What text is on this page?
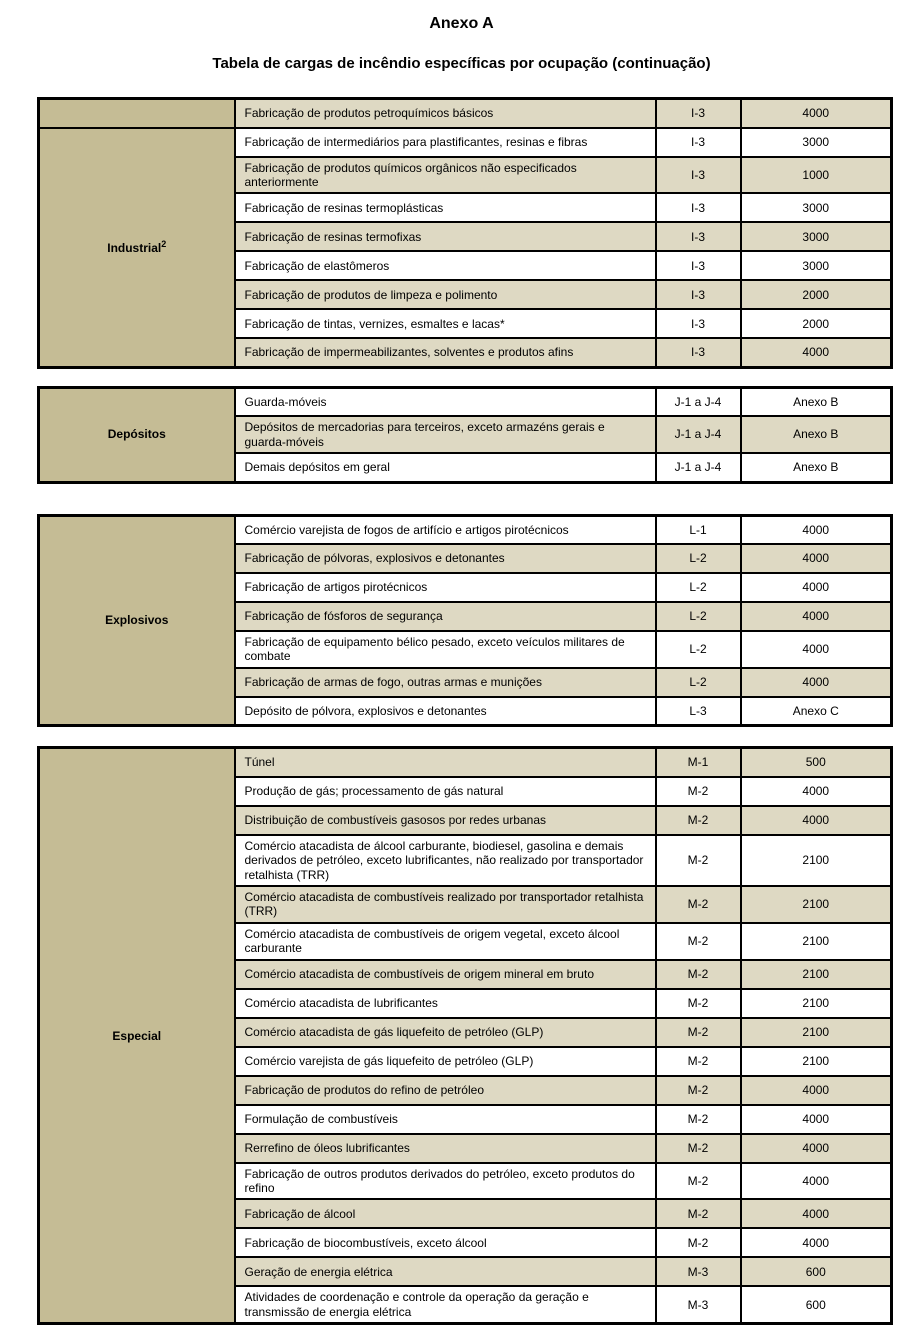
Anexo A
Tabela de cargas de incêndio específicas por ocupação (continuação)
	Fabricação de produtos petroquímicos básicos	I-3	4000
Industrial$^2$	Fabricação de intermediários para plastificantes, resinas e fibras	I-3	3000
	Fabricação de produtos químicos orgânicos não especificados anteriormente	I-3	1000
	Fabricação de resinas termoplásticas	I-3	3000
	Fabricação de resinas termofixas	I-3	3000
	Fabricação de elastômeros	I-3	3000
	Fabricação de produtos de limpeza e polimento	I-3	2000
	Fabricação de tintas, vernizes, esmaltes e lacas*	I-3	2000
	Fabricação de impermeabilizantes, solventes e produtos afins	I-3	4000
Depósitos	Guarda-móveis	J-1 a J-4	Anexo B
	Depósitos de mercadorias para terceiros, exceto armazéns gerais e guarda-móveis	J-1 a J-4	Anexo B
	Demais depósitos em geral	J-1 a J-4	Anexo B
Explosivos	Comércio varejista de fogos de artifício e artigos pirotécnicos	L-1	4000
	Fabricação de pólvoras, explosivos e detonantes	L-2	4000
	Fabricação de artigos pirotécnicos	L-2	4000
	Fabricação de fósforos de segurança	L-2	4000
	Fabricação de equipamento bélico pesado, exceto veículos militares de combate	L-2	4000
	Fabricação de armas de fogo, outras armas e munições	L-2	4000
	Depósito de pólvora, explosivos e detonantes	L-3	Anexo C
Especial	Túnel	M-1	500
	Produção de gás; processamento de gás natural	M-2	4000
	Distribuição de combustíveis gasosos por redes urbanas	M-2	4000
	Comércio atacadista de álcool carburante, biodiesel, gasolina e demais derivados de petróleo, exceto lubrificantes, não realizado por transportador retalhista (TRR)	M-2	2100
	Comércio atacadista de combustíveis realizado por transportador retalhista (TRR)	M-2	2100
	Comércio atacadista de combustíveis de origem vegetal, exceto álcool carburante	M-2	2100
	Comércio atacadista de combustíveis de origem mineral em bruto	M-2	2100
	Comércio atacadista de lubrificantes	M-2	2100
	Comércio atacadista de gás liquefeito de petróleo (GLP)	M-2	2100
	Comércio varejista de gás liquefeito de petróleo (GLP)	M-2	2100
	Fabricação de produtos do refino de petróleo	M-2	4000
	Formulação de combustíveis	M-2	4000
	Rerrefino de óleos lubrificantes	M-2	4000
	Fabricação de outros produtos derivados do petróleo, exceto produtos do refino	M-2	4000
	Fabricação de álcool	M-2	4000
	Fabricação de biocombustíveis, exceto álcool	M-2	4000
	Geração de energia elétrica	M-3	600
	Atividades de coordenação e controle da operação da geração e transmissão de energia elétrica	M-3	600
